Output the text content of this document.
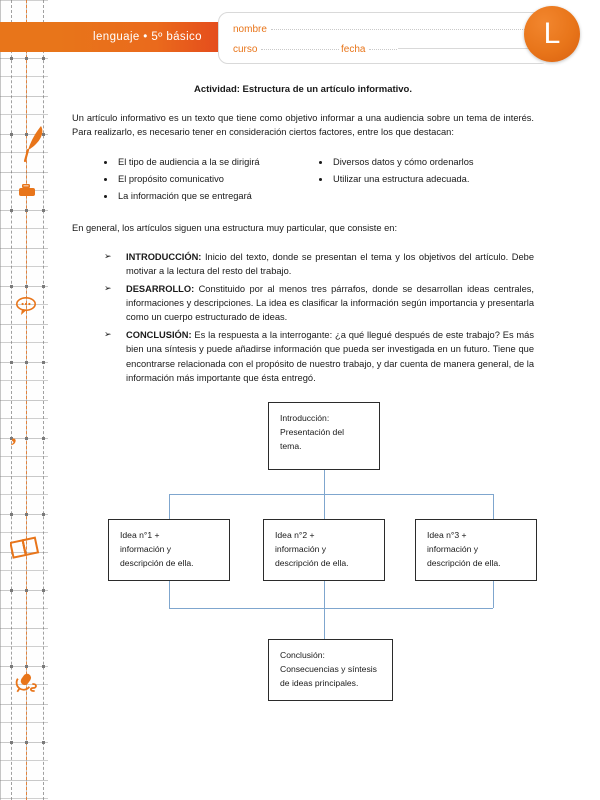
,
lenguaje • 5º básico
nombre
curso	fecha	L

Actividad: Estructura de un artículo informativo.

Un artículo informativo es un texto que tiene como objetivo informar a una audiencia sobre un tema de interés. Para realizarlo, es necesario tener en consideración ciertos factores, entre los que destacan:

El tipo de audiencia a la se dirigirá
El propósito comunicativo
La información que se entregará
Diversos datos y cómo ordenarlos
Utilizar una estructura adecuada.

En general, los artículos siguen una estructura muy particular, que consiste en:

➢ INTRODUCCIÓN: Inicio del texto, donde se presentan el tema y los objetivos del artículo. Debe motivar a la lectura del resto del trabajo.
➢ DESARROLLO: Constituido por al menos tres párrafos, donde se desarrollan ideas centrales, informaciones y descripciones. La idea es clasificar la información según importancia y presentarla como un cuerpo estructurado de ideas.
➢ CONCLUSIÓN: Es la respuesta a la interrogante: ¿a qué llegué después de este trabajo? Es más bien una síntesis y puede añadirse información que pueda ser investigada en un futuro. Tiene que encontrarse relacionada con el propósito de nuestro trabajo, y dar cuenta de manera general, de la información más importante que ésta entregó.
Introducción:
Presentación del
tema.
Idea n°1 +
información y
descripción de ella.
Idea n°2 +
información y
descripción de ella.
Idea n°3 +
información y
descripción de ella.
Conclusión:
Consecuencias y síntesis
de ideas principales.
